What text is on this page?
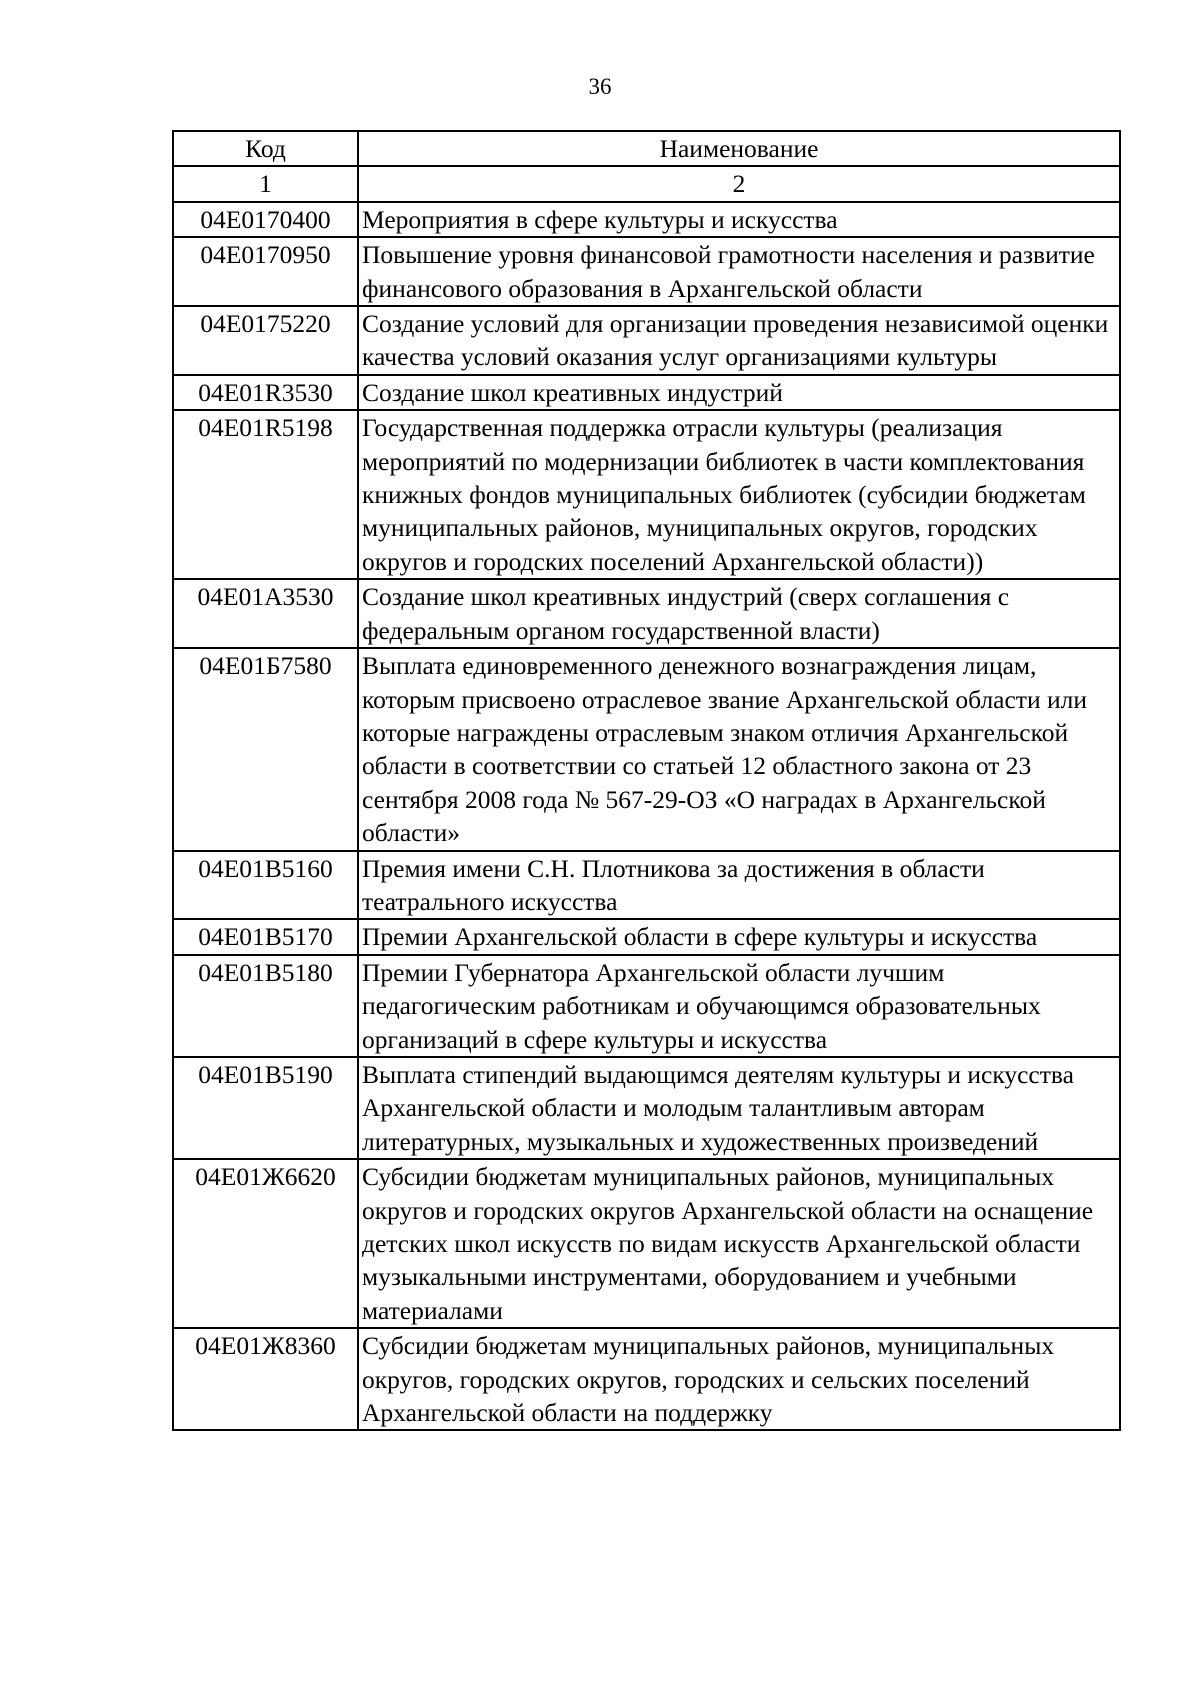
36
Код	Наименование
1	2
04Е0170400	Мероприятия в сфере культуры и искусства
04Е0170950	Повышение уровня финансовой грамотности населения и развитие финансового образования в Архангельской области
04Е0175220	Создание условий для организации проведения независимой оценки качества условий оказания услуг организациями культуры
04Е01R3530	Создание школ креативных индустрий
04Е01R5198	Государственная поддержка отрасли культуры (реализация мероприятий по модернизации библиотек в части комплектования книжных фондов муниципальных библиотек (субсидии бюджетам муниципальных районов, муниципальных округов, городских округов и городских поселений Архангельской области))
04Е01А3530	Создание школ креативных индустрий (сверх соглашения с федеральным органом государственной власти)
04Е01Б7580	Выплата единовременного денежного вознаграждения лицам, которым присвоено отраслевое звание Архангельской области или которые награждены отраслевым знаком отличия Архангельской области в соответствии со статьей 12 областного закона от 23 сентября 2008 года № 567-29-ОЗ «О наградах в Архангельской области»
04Е01В5160	Премия имени С.Н. Плотникова за достижения в области театрального искусства
04Е01В5170	Премии Архангельской области в сфере культуры и искусства
04Е01В5180	Премии Губернатора Архангельской области лучшим педагогическим работникам и обучающимся образовательных организаций в сфере культуры и искусства
04Е01В5190	Выплата стипендий выдающимся деятелям культуры и искусства Архангельской области и молодым талантливым авторам литературных, музыкальных и художественных произведений
04Е01Ж6620	Субсидии бюджетам муниципальных районов, муниципальных округов и городских округов Архангельской области на оснащение детских школ искусств по видам искусств Архангельской области музыкальными инструментами, оборудованием и учебными материалами
04Е01Ж8360	Субсидии бюджетам муниципальных районов, муниципальных округов, городских округов, городских и сельских поселений Архангельской области на поддержку
